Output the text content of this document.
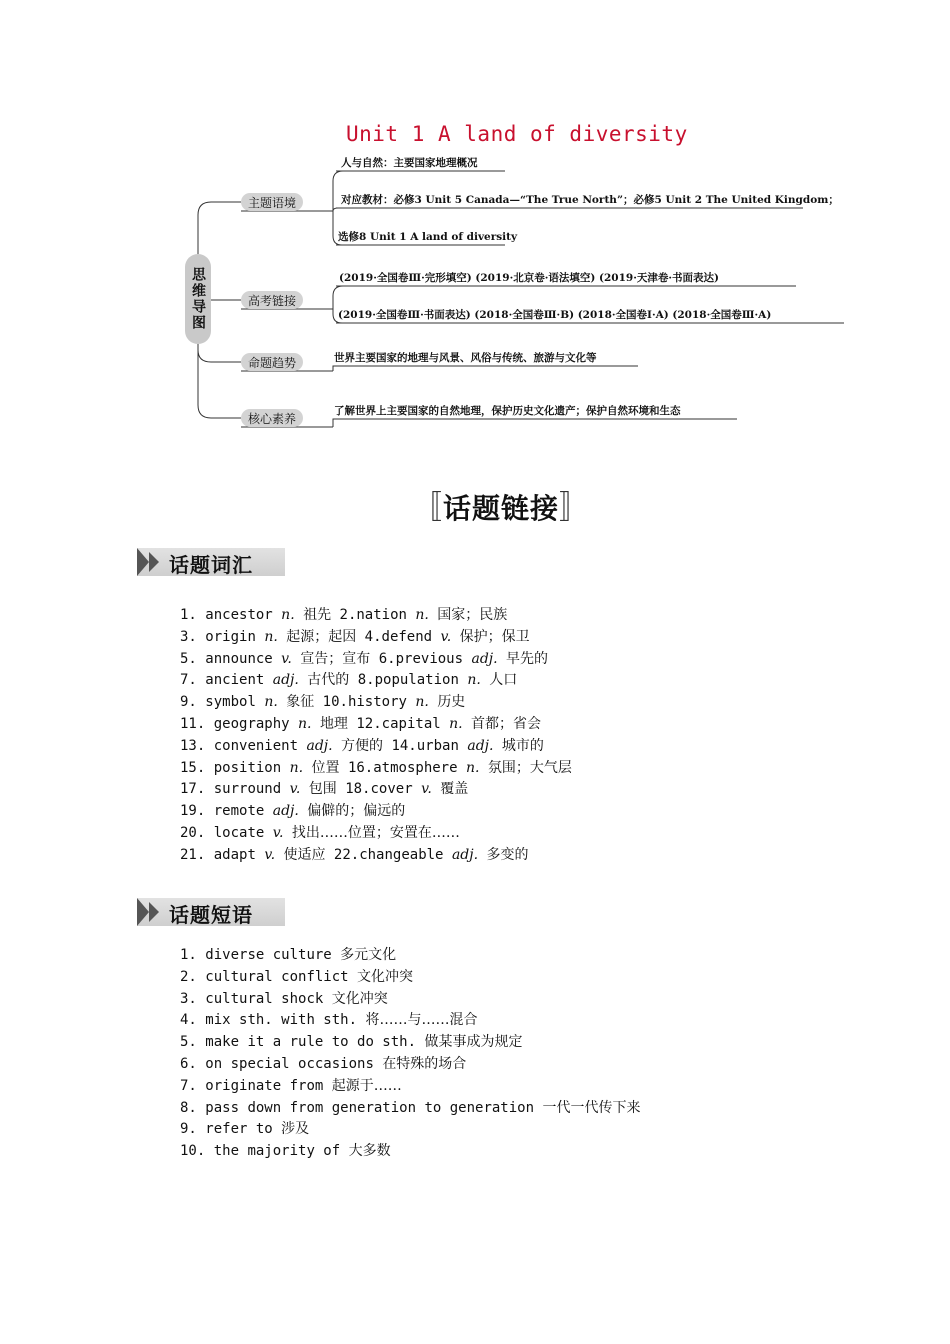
Unit 1 A land of diversity
思维导图
主题语境
高考链接
命题趋势
核心素养
人与自然：主要国家地理概况
对应教材：必修3 Unit 5 Canada—“The True North”；必修5 Unit 2 The United Kingdom；
选修8 Unit 1 A land of diversity
(2019·全国卷Ⅲ·完形填空) (2019·北京卷·语法填空) (2019·天津卷·书面表达)
(2019·全国卷Ⅲ·书面表达) (2018·全国卷Ⅲ·B) (2018·全国卷Ⅰ·A) (2018·全国卷Ⅲ·A)
世界主要国家的地理与风景、风俗与传统、旅游与文化等
了解世界上主要国家的自然地理，保护历史文化遗产；保护自然环境和生态
〚话题链接〛
话题词汇
1. ancestor n. 祖先 2.nation n. 国家；民族
3. origin n. 起源；起因 4.defend v. 保护；保卫
5. announce v. 宣告；宣布 6.previous adj. 早先的
7. ancient adj. 古代的 8.population n. 人口
9. symbol n. 象征 10.history n. 历史
11. geography n. 地理 12.capital n. 首都；省会
13. convenient adj. 方便的 14.urban adj. 城市的
15. position n. 位置 16.atmosphere n. 氛围；大气层
17. surround v. 包围 18.cover v. 覆盖
19. remote adj. 偏僻的；偏远的
20. locate v. 找出……位置；安置在……
21. adapt v. 使适应 22.changeable adj. 多变的
话题短语
1. diverse culture 多元文化
2. cultural conflict 文化冲突
3. cultural shock 文化冲突
4. mix sth. with sth. 将……与……混合
5. make it a rule to do sth. 做某事成为规定
6. on special occasions 在特殊的场合
7. originate from 起源于……
8. pass down from generation to generation 一代一代传下来
9. refer to 涉及
10. the majority of 大多数
